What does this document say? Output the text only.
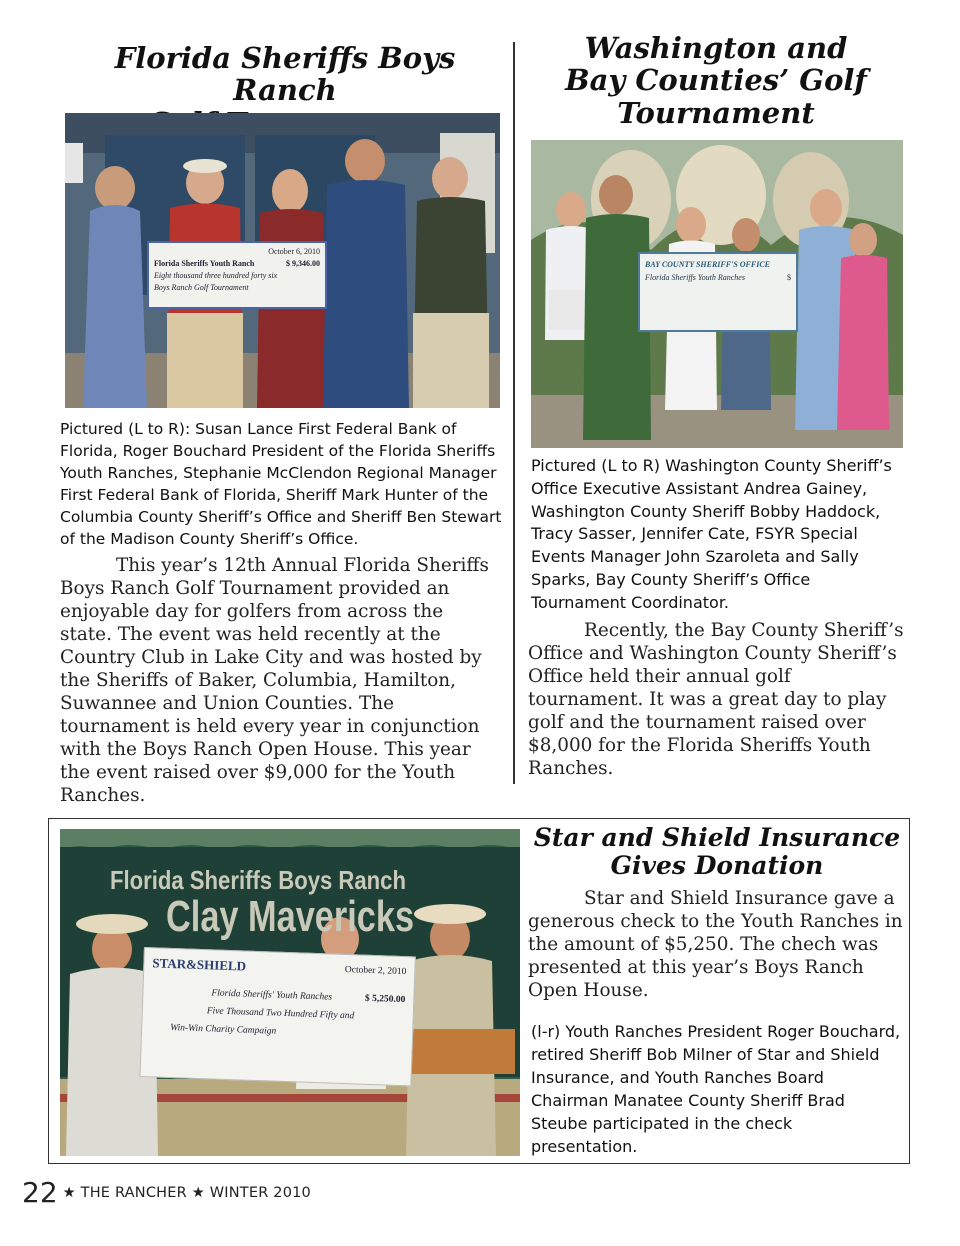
Florida Sheriffs Boys Ranch

October 6, 2010
Florida Sheriffs Youth Ranch	$ 9,346.00
Eight thousand three hundred forty six
Boys Ranch Golf Tournament

Pictured (L to R): Susan Lance First Federal Bank of Florida, Roger Bouchard President of the Florida Sheriffs Youth Ranches, Stephanie McClendon Regional Manager First Federal Bank of Florida, Sheriff Mark Hunter of the Columbia County Sheriff’s Office and Sheriff Ben Stewart of the Madison County Sheriff’s Office.

This year’s 12th Annual Florida Sheriffs Boys Ranch Golf Tournament provided an enjoyable day for golfers from across the state. The event was held recently at the Country Club in Lake City and was hosted by the Sheriffs of Baker, Columbia, Hamilton, Suwannee and Union Counties. The tournament is held every year in conjunction with the Boys Ranch Open House. This year the event raised over $9,000 for the Youth Ranches.

Washington and
Bay Counties’ Golf
Tournament
BAY COUNTY SHERIFF'S OFFICE
Florida Sheriffs Youth Ranches	$

Pictured (L to R) Washington County Sheriff’s Office Executive Assistant Andrea Gainey, Washington County Sheriff Bobby Haddock, Tracy Sasser, Jennifer Cate, FSYR Special Events Manager John Szaroleta and Sally Sparks, Bay County Sheriff’s Office Tournament Coordinator.

Recently, the Bay County Sheriff’s Office and Washington County Sheriff’s Office held their annual golf tournament. It was a great day to play golf and the tournament raised over $8,000 for the Florida Sheriffs Youth Ranches.

Florida Sheriffs Boys Ranch
Clay Mavericks
STAR&SHIELD	October 2, 2010
Florida Sheriffs' Youth Ranches	$ 5,250.00
Five Thousand Two Hundred Fifty and
Win-Win Charity Campaign
Star and Shield Insurance
Gives Donation

Star and Shield Insurance gave a generous check to the Youth Ranches in the amount of $5,250. The chech was presented at this year’s Boys Ranch Open House.

(l-r) Youth Ranches President Roger Bouchard, retired Sheriff Bob Milner of Star and Shield Insurance, and Youth Ranches Board Chairman Manatee County Sheriff Brad Steube participated in the check presentation.

22 ★ THE RANCHER ★ WINTER 2010
